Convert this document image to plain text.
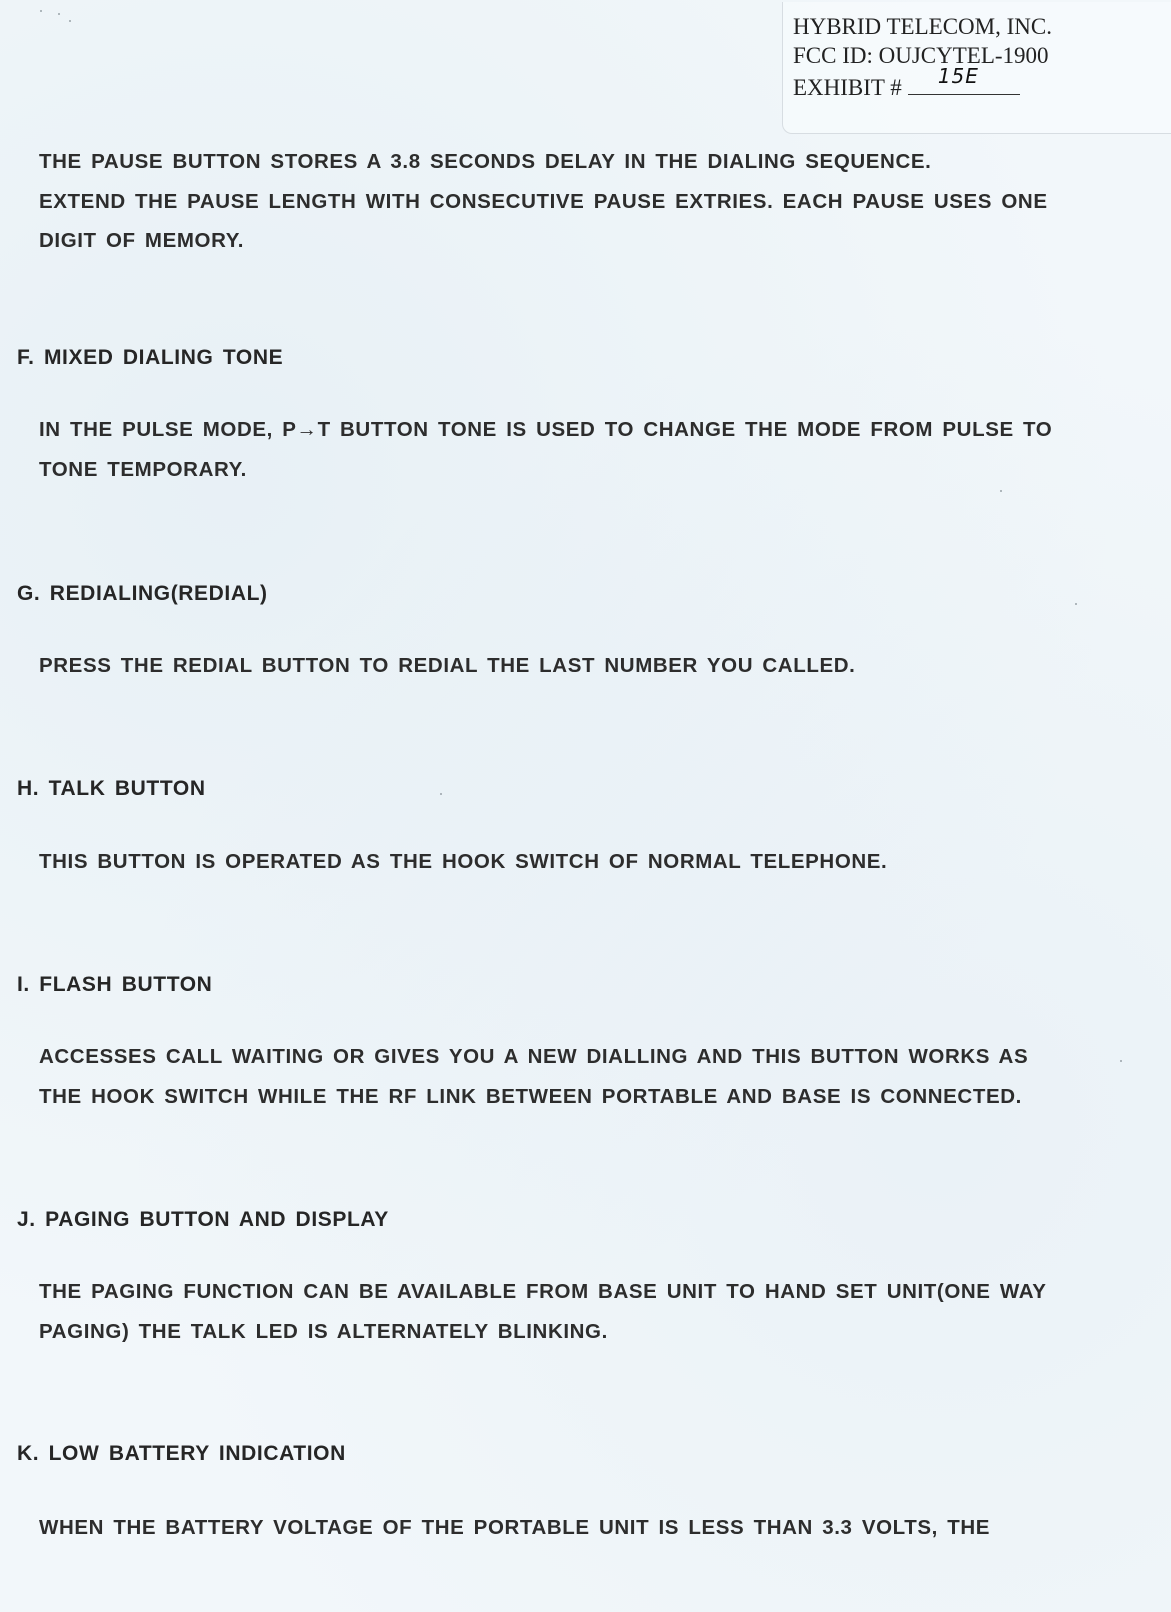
HYBRID TELECOM, INC.
FCC ID: OUJCYTEL-1900
EXHIBIT # 15E

THE PAUSE BUTTON STORES A 3.8 SECONDS DELAY IN THE DIALING SEQUENCE.
EXTEND THE PAUSE LENGTH WITH CONSECUTIVE PAUSE EXTRIES. EACH PAUSE USES ONE
DIGIT OF MEMORY.

F. MIXED DIALING TONE

IN THE PULSE MODE, P→T BUTTON TONE IS USED TO CHANGE THE MODE FROM PULSE TO
TONE TEMPORARY.

G. REDIALING(REDIAL)

PRESS THE REDIAL BUTTON TO REDIAL THE LAST NUMBER YOU CALLED.

H. TALK BUTTON

THIS BUTTON IS OPERATED AS THE HOOK SWITCH OF NORMAL TELEPHONE.

I. FLASH BUTTON

ACCESSES CALL WAITING OR GIVES YOU A NEW DIALLING AND THIS BUTTON WORKS AS
THE HOOK SWITCH WHILE THE RF LINK BETWEEN PORTABLE AND BASE IS CONNECTED.

J. PAGING BUTTON AND DISPLAY

THE PAGING FUNCTION CAN BE AVAILABLE FROM BASE UNIT TO HAND SET UNIT(ONE WAY
PAGING) THE TALK LED IS ALTERNATELY BLINKING.

K. LOW BATTERY INDICATION

WHEN THE BATTERY VOLTAGE OF THE PORTABLE UNIT IS LESS THAN 3.3 VOLTS, THE
